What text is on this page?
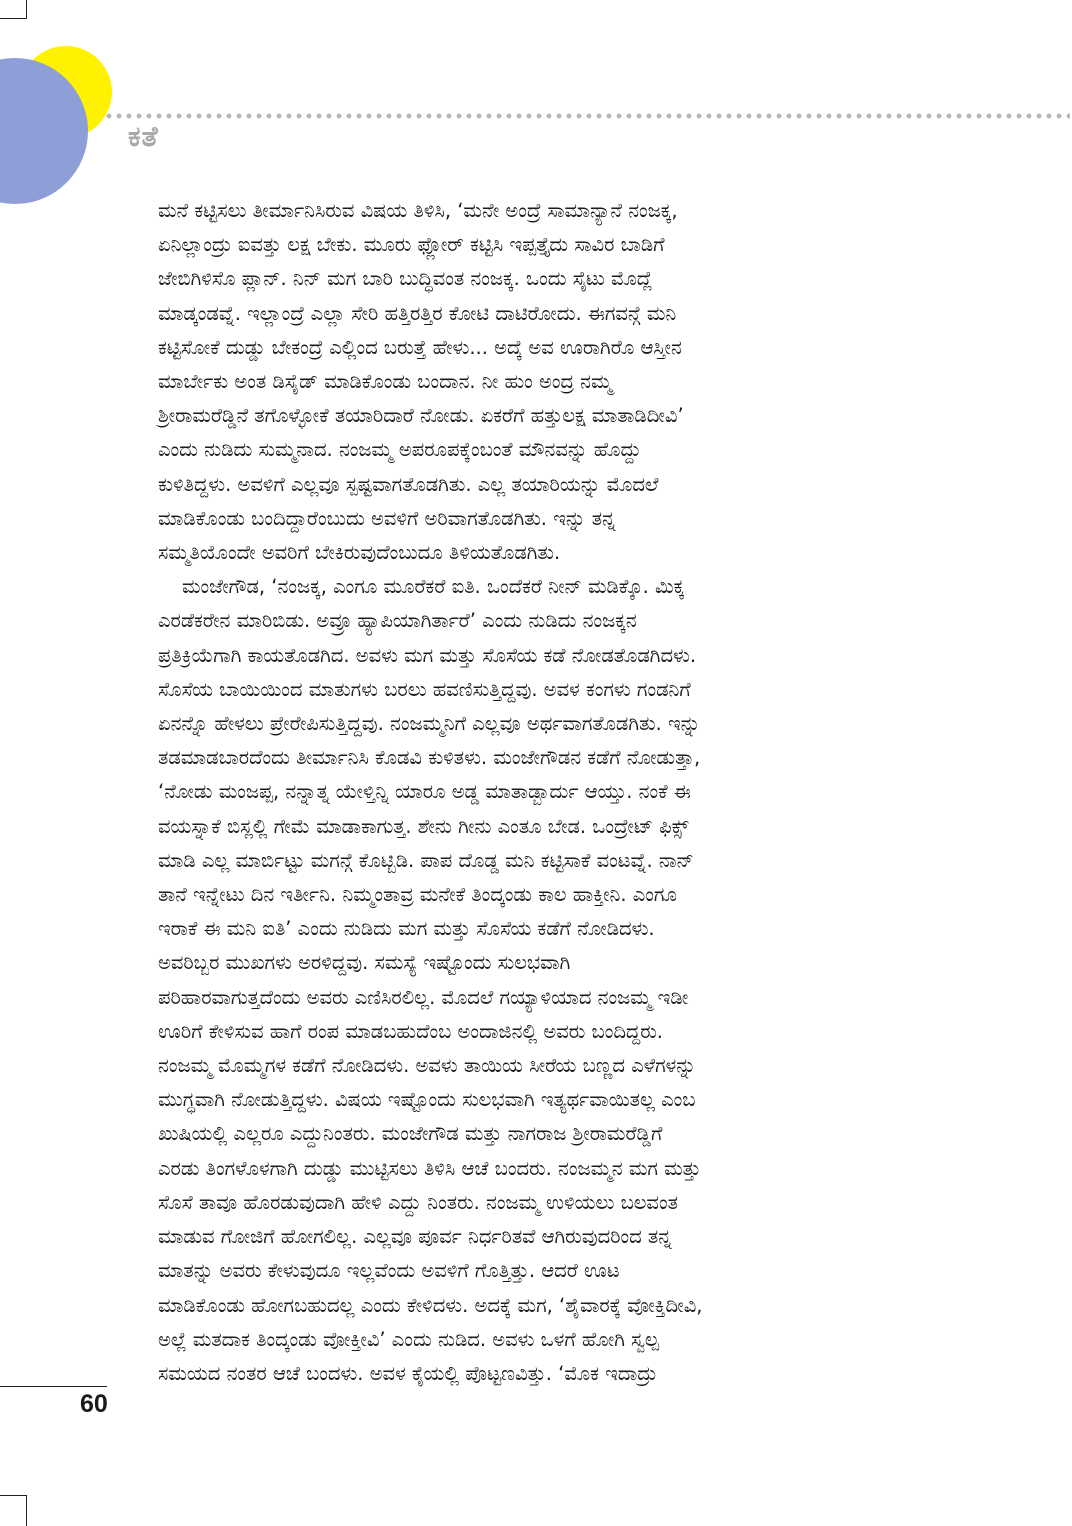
ಕತೆ
ಮನೆ ಕಟ್ಟಿಸಲು ತೀರ್ಮಾನಿಸಿರುವ ವಿಷಯ ತಿಳಿಸಿ, ‘ಮನೇ ಅಂದ್ರೆ ಸಾಮಾನ್ಯಾನೆ ನಂಜಕ್ಕ,
ಏನಿಲ್ಲಾಂದ್ರು ಐವತ್ತು ಲಕ್ಷ ಬೇಕು. ಮೂರು ಫ್ಲೋರ್ ಕಟ್ಟಿಸಿ ಇಪ್ಪತ್ತೈದು ಸಾವಿರ ಬಾಡಿಗೆ
ಜೇಬಿಗಿಳಿಸೊ ಪ್ಲಾನ್. ನಿನ್ ಮಗ ಬಾರಿ ಬುದ್ಧಿವಂತ ನಂಜಕ್ಕ. ಒಂದು ಸೈಟು ಮೊದ್ಲೆ
ಮಾಡ್ಕಂಡವ್ನೆ. ಇಲ್ಲಾಂದ್ರೆ ಎಲ್ಲಾ ಸೇರಿ ಹತ್ತಿರತ್ತಿರ ಕೋಟಿ ದಾಟಿರೋದು. ಈಗವನ್ಗೆ ಮನಿ
ಕಟ್ಟಿಸೋಕೆ ದುಡ್ಡು ಬೇಕಂದ್ರೆ ಎಲ್ಲಿಂದ ಬರುತ್ತೆ ಹೇಳು... ಅದ್ಕೆ ಅವ ಊರಾಗಿರೊ ಆಸ್ತೀನ
ಮಾರ್ಬೇಕು ಅಂತ ಡಿಸೈಡ್ ಮಾಡಿಕೊಂಡು ಬಂದಾನ. ನೀ ಹುಂ ಅಂದ್ರ ನಮ್ಮ
ಶ್ರೀರಾಮರೆಡ್ಡಿನೆ ತಗೊಳ್ಳೋಕೆ ತಯಾರಿದಾರೆ ನೋಡು. ಏಕರೆಗೆ ಹತ್ತುಲಕ್ಷ ಮಾತಾಡಿದೀವಿ’
ಎಂದು ನುಡಿದು ಸುಮ್ಮನಾದ. ನಂಜಮ್ಮ ಅಪರೂಪಕ್ಕೆಂಬಂತೆ ಮೌನವನ್ನು ಹೊದ್ದು
ಕುಳಿತಿದ್ದಳು. ಅವಳಿಗೆ ಎಲ್ಲವೂ ಸ್ಪಷ್ಟವಾಗತೊಡಗಿತು. ಎಲ್ಲ ತಯಾರಿಯನ್ನು ಮೊದಲೆ
ಮಾಡಿಕೊಂಡು ಬಂದಿದ್ದಾರೆಂಬುದು ಅವಳಿಗೆ ಅರಿವಾಗತೊಡಗಿತು. ಇನ್ನು ತನ್ನ
ಸಮ್ಮತಿಯೊಂದೇ ಅವರಿಗೆ ಬೇಕಿರುವುದೆಂಬುದೂ ತಿಳಿಯತೊಡಗಿತು.
ಮಂಜೇಗೌಡ, ‘ನಂಜಕ್ಕ, ಎಂಗೂ ಮೂರೆಕರೆ ಐತಿ. ಒಂದೆಕರೆ ನೀನ್ ಮಡಿಕ್ಕೊ. ಮಿಕ್ಕ
ಎರಡೆಕರೇನ ಮಾರಿಬಿಡು. ಅವ್ರೂ ಹ್ಯಾಪಿಯಾಗಿರ್ತಾರೆ’ ಎಂದು ನುಡಿದು ನಂಜಕ್ಕನ
ಪ್ರತಿಕ್ರಿಯೆಗಾಗಿ ಕಾಯತೊಡಗಿದ. ಅವಳು ಮಗ ಮತ್ತು ಸೊಸೆಯ ಕಡೆ ನೋಡತೊಡಗಿದಳು.
ಸೊಸೆಯ ಬಾಯಿಯಿಂದ ಮಾತುಗಳು ಬರಲು ಹವಣಿಸುತ್ತಿದ್ದವು. ಅವಳ ಕಂಗಳು ಗಂಡನಿಗೆ
ಏನನ್ನೊ ಹೇಳಲು ಪ್ರೇರೇಪಿಸುತ್ತಿದ್ದವು. ನಂಜಮ್ಮನಿಗೆ ಎಲ್ಲವೂ ಅರ್ಥವಾಗತೊಡಗಿತು. ಇನ್ನು
ತಡಮಾಡಬಾರದೆಂದು ತೀರ್ಮಾನಿಸಿ ಕೊಡವಿ ಕುಳಿತಳು. ಮಂಜೇಗೌಡನ ಕಡೆಗೆ ನೋಡುತ್ತಾ,
‘ನೋಡು ಮಂಜಪ್ಪ, ನನ್ನಾತ್ನ ಯೇಳ್ತಿನ್ನಿ ಯಾರೂ ಅಡ್ಡ ಮಾತಾಡ್ಬಾರ್ದು ಆಯ್ತು. ನಂಕೆ ಈ
ವಯಸ್ನಾಕೆ ಬಿಸ್ಲಲ್ಲಿ ಗೇಮೆ ಮಾಡಾಕಾಗುತ್ತ. ಶೇನು ಗೀನು ಎಂತೂ ಬೇಡ. ಒಂದ್ರೇಟ್ ಫಿಕ್ಸ್
ಮಾಡಿ ಎಲ್ಲ ಮಾರ್ಬಿಟ್ಟು ಮಗನ್ಗೆ ಕೊಟ್ಬಿಡಿ. ಪಾಪ ದೊಡ್ಡ ಮನಿ ಕಟ್ಟಿಸಾಕೆ ವಂಟವ್ನೆ. ನಾನ್
ತಾನೆ ಇನ್ನೇಟು ದಿನ ಇರ್ತೀನಿ. ನಿಮ್ಮಂತಾವ್ರ ಮನೇಕೆ ತಿಂದ್ಕಂಡು ಕಾಲ ಹಾಕ್ತೀನಿ. ಎಂಗೂ
ಇರಾಕೆ ಈ ಮನಿ ಐತಿ’ ಎಂದು ನುಡಿದು ಮಗ ಮತ್ತು ಸೊಸೆಯ ಕಡೆಗೆ ನೋಡಿದಳು.
ಅವರಿಬ್ಬರ ಮುಖಗಳು ಅರಳಿದ್ದವು. ಸಮಸ್ಯೆ ಇಷ್ಟೊಂದು ಸುಲಭವಾಗಿ
ಪರಿಹಾರವಾಗುತ್ತದೆಂದು ಅವರು ಎಣಿಸಿರಲಿಲ್ಲ. ಮೊದಲೆ ಗಯ್ಯಾಳಿಯಾದ ನಂಜಮ್ಮ ಇಡೀ
ಊರಿಗೆ ಕೇಳಿಸುವ ಹಾಗೆ ರಂಪ ಮಾಡಬಹುದೆಂಬ ಅಂದಾಜಿನಲ್ಲಿ ಅವರು ಬಂದಿದ್ದರು.
ನಂಜಮ್ಮ ಮೊಮ್ಮಗಳ ಕಡೆಗೆ ನೋಡಿದಳು. ಅವಳು ತಾಯಿಯ ಸೀರೆಯ ಬಣ್ಣದ ಎಳೆಗಳನ್ನು
ಮುಗ್ಧವಾಗಿ ನೋಡುತ್ತಿದ್ದಳು. ವಿಷಯ ಇಷ್ಟೊಂದು ಸುಲಭವಾಗಿ ಇತ್ಯರ್ಥವಾಯಿತಲ್ಲ ಎಂಬ
ಖುಷಿಯಲ್ಲಿ ಎಲ್ಲರೂ ಎದ್ದುನಿಂತರು. ಮಂಜೇಗೌಡ ಮತ್ತು ನಾಗರಾಜ ಶ್ರೀರಾಮರೆಡ್ಡಿಗೆ
ಎರಡು ತಿಂಗಳೊಳಗಾಗಿ ದುಡ್ಡು ಮುಟ್ಟಿಸಲು ತಿಳಿಸಿ ಆಚೆ ಬಂದರು. ನಂಜಮ್ಮನ ಮಗ ಮತ್ತು
ಸೊಸೆ ತಾವೂ ಹೊರಡುವುದಾಗಿ ಹೇಳಿ ಎದ್ದು ನಿಂತರು. ನಂಜಮ್ಮ ಉಳಿಯಲು ಬಲವಂತ
ಮಾಡುವ ಗೋಜಿಗೆ ಹೋಗಲಿಲ್ಲ. ಎಲ್ಲವೂ ಪೂರ್ವ ನಿರ್ಧರಿತವೆ ಆಗಿರುವುದರಿಂದ ತನ್ನ
ಮಾತನ್ನು ಅವರು ಕೇಳುವುದೂ ಇಲ್ಲವೆಂದು ಅವಳಿಗೆ ಗೊತ್ತಿತ್ತು. ಆದರೆ ಊಟ
ಮಾಡಿಕೊಂಡು ಹೋಗಬಹುದಲ್ಲ ಎಂದು ಕೇಳಿದಳು. ಅದಕ್ಕೆ ಮಗ, ‘ಶೈವಾರಕ್ಕೆ ವೋಕ್ತಿದೀವಿ,
ಅಲ್ಲೆ ಮತದಾಕ ತಿಂದ್ಕಂಡು ವೋಕ್ತೀವಿ’ ಎಂದು ನುಡಿದ. ಅವಳು ಒಳಗೆ ಹೋಗಿ ಸ್ವಲ್ಪ
ಸಮಯದ ನಂತರ ಆಚೆ ಬಂದಳು. ಅವಳ ಕೈಯಲ್ಲಿ ಪೊಟ್ಟಣವಿತ್ತು. ‘ಮೊಕ ಇದಾದ್ರು

60
